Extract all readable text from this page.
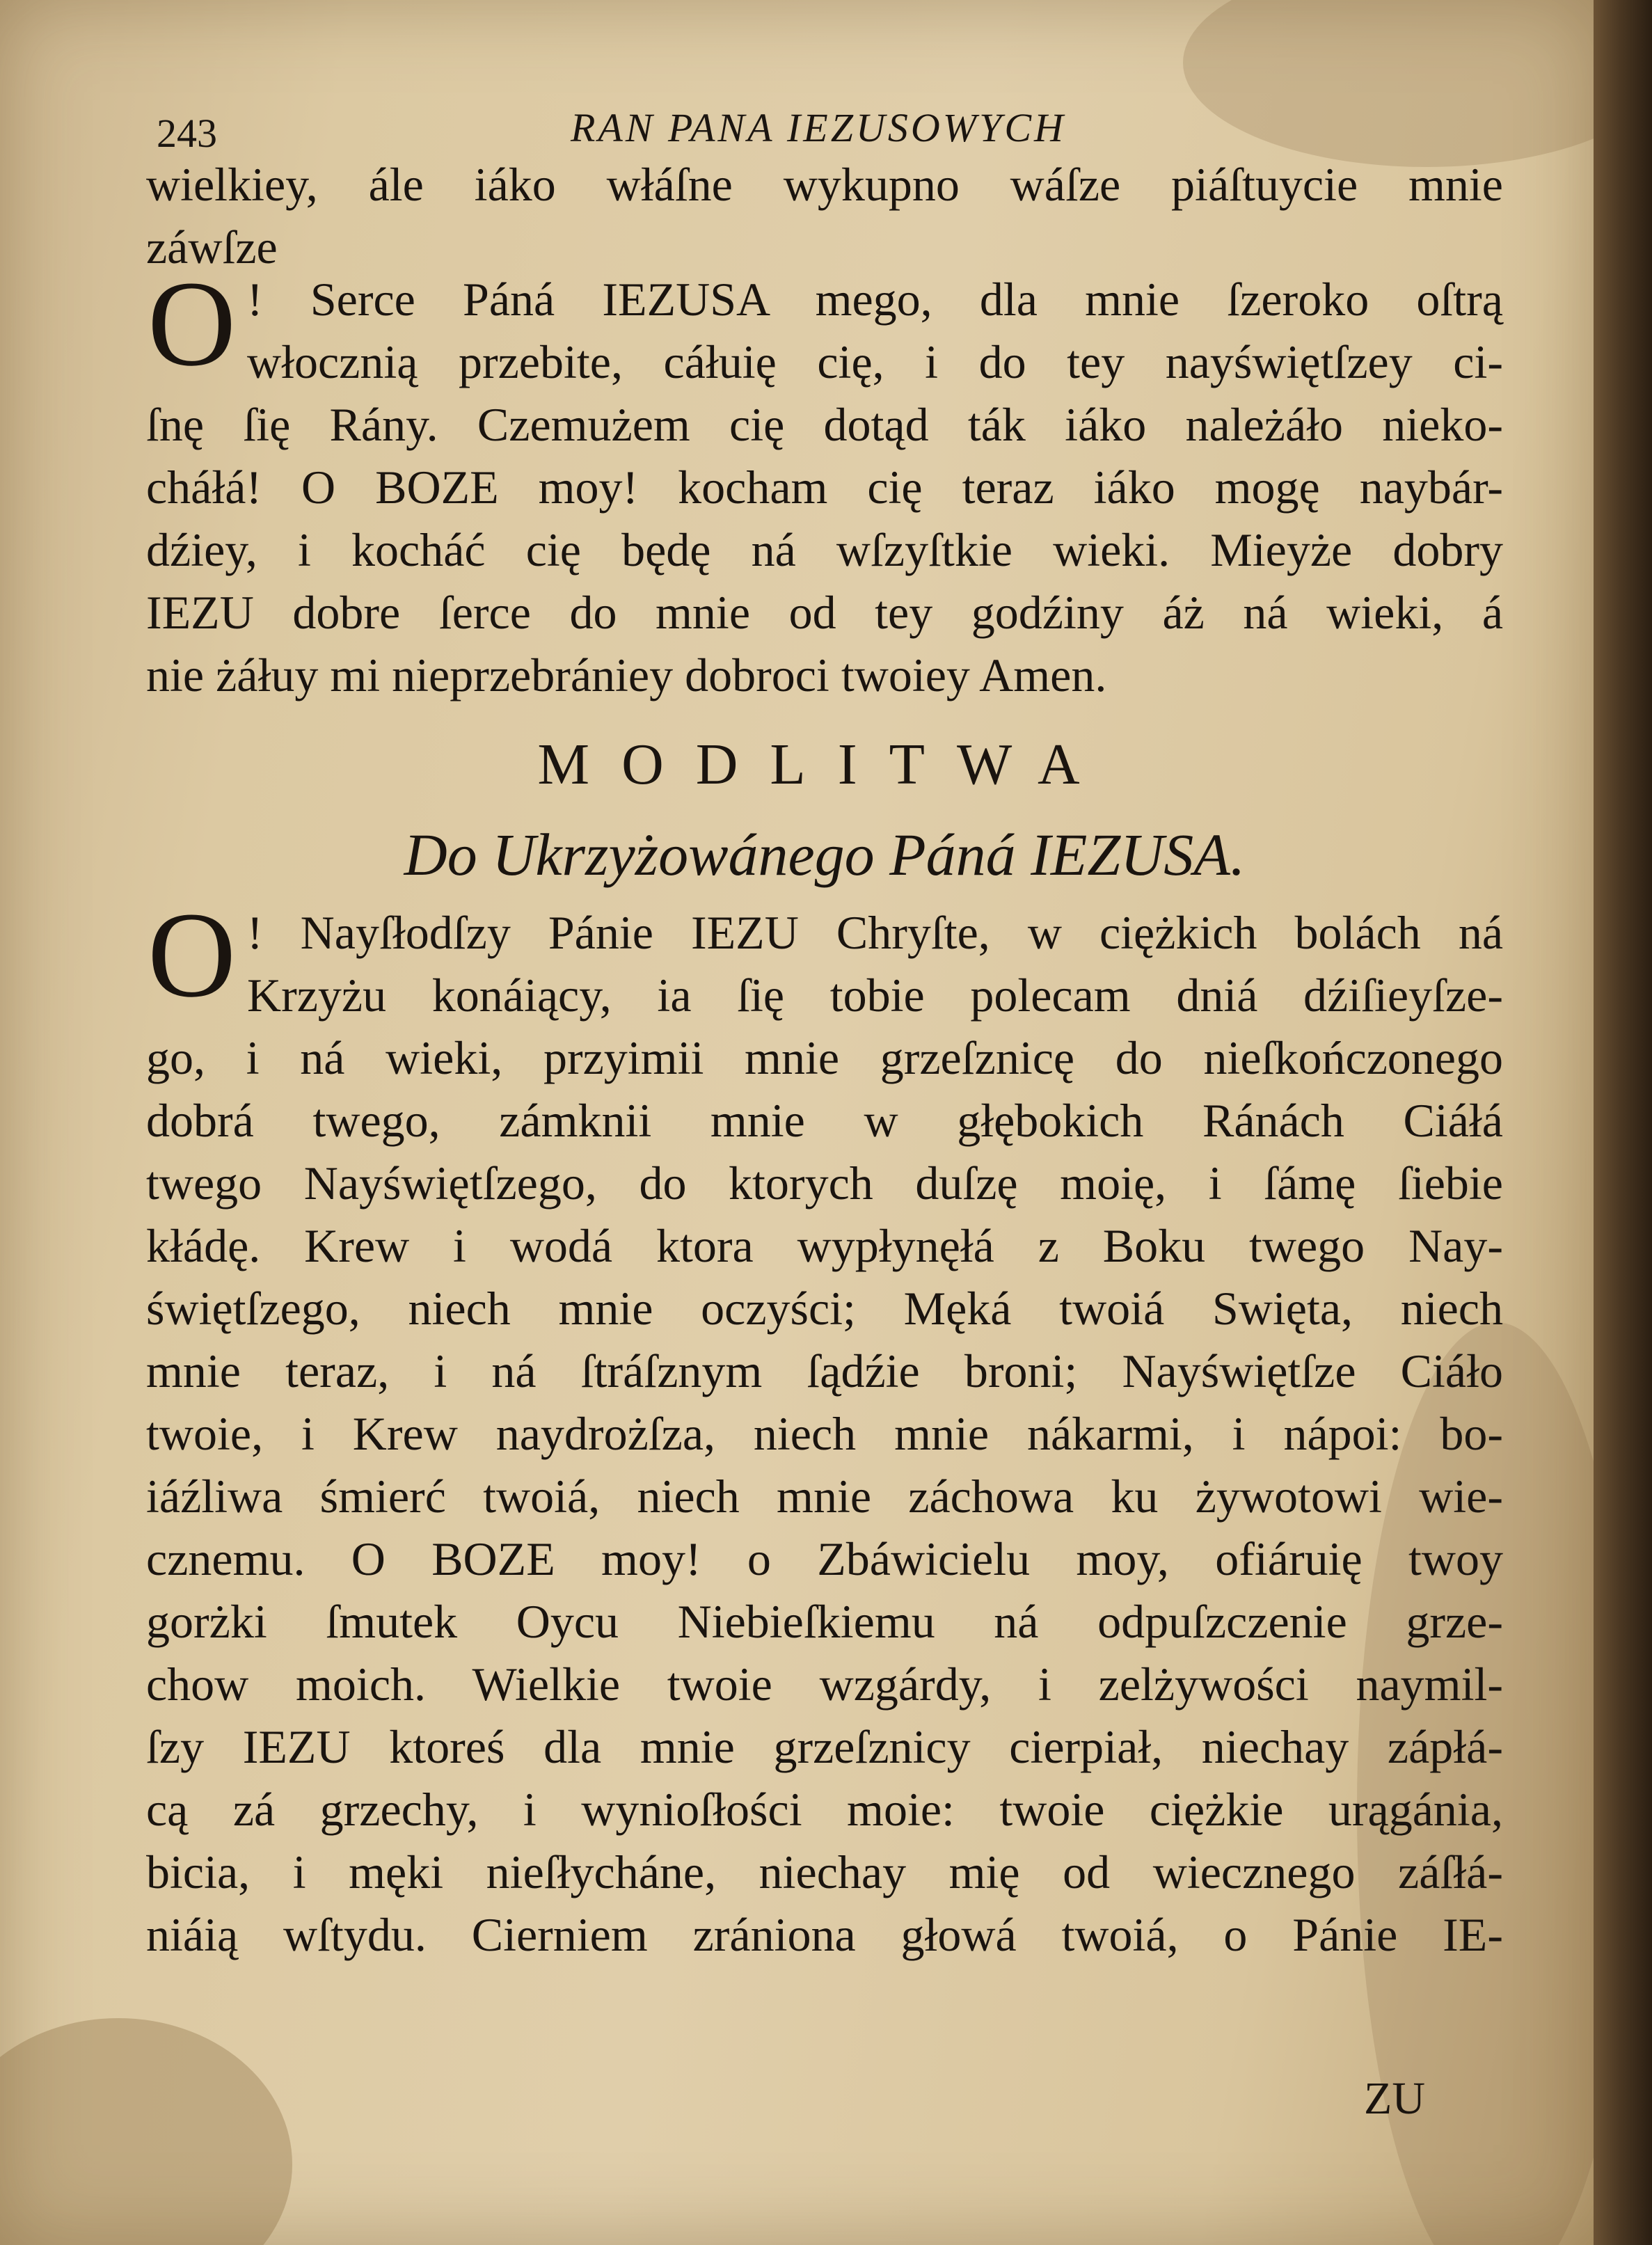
243	RAN PANA IEZUSOWYCH
wielkiey, ále iáko włáſne wykupno wáſze piáſtuycie mnie
záwſze
O ! Serce Páná IEZUSA mego, dla mnie ſzeroko oſtrą
włocznią przebite, cáłuię cię, i do tey nayświętſzey ci-
ſnę ſię Rány. Czemużem cię dotąd ták iáko należáło nieko-
cháłá! O BOZE moy! kocham cię teraz iáko mogę naybár-
dźiey, i kocháć cię będę ná wſzyſtkie wieki. Mieyże dobry
IEZU dobre ſerce do mnie od tey godźiny áż ná wieki, á
nie żáłuy mi nieprzebrániey dobroci twoiey Amen.
MODLITWA
Do Ukrzyżowánego Páná IEZUSA.
O ! Nayſłodſzy Pánie IEZU Chryſte, w ciężkich bolách ná
Krzyżu konáiący, ia ſię tobie polecam dniá dźiſieyſze-
go, i ná wieki, przyimii mnie grzeſznicę do nieſkończonego
dobrá twego, zámknii mnie w głębokich Ránách Ciáłá
twego Nayświętſzego, do ktorych duſzę moię, i ſámę ſiebie
kłádę. Krew i wodá ktora wypłynęłá z Boku twego Nay-
świętſzego, niech mnie oczyści; Męká twoiá Swięta, niech
mnie teraz, i ná ſtráſznym ſądźie broni; Nayświętſze Ciáło
twoie, i Krew naydrożſza, niech mnie nákarmi, i nápoi: bo-
iáźliwa śmierć twoiá, niech mnie záchowa ku żywotowi wie-
cznemu. O BOZE moy! o Zbáwicielu moy, ofiáruię twoy
gorżki ſmutek Oycu Niebieſkiemu ná odpuſzczenie grze-
chow moich. Wielkie twoie wzgárdy, i zelżywości naymil-
ſzy IEZU ktoreś dla mnie grzeſznicy cierpiał, niechay zápłá-
cą zá grzechy, i wynioſłości moie: twoie ciężkie urągánia,
bicia, i męki nieſłycháne, niechay mię od wiecznego záſłá-
niáią wſtydu. Cierniem zrániona głowá twoiá, o Pánie IE-
ZU
